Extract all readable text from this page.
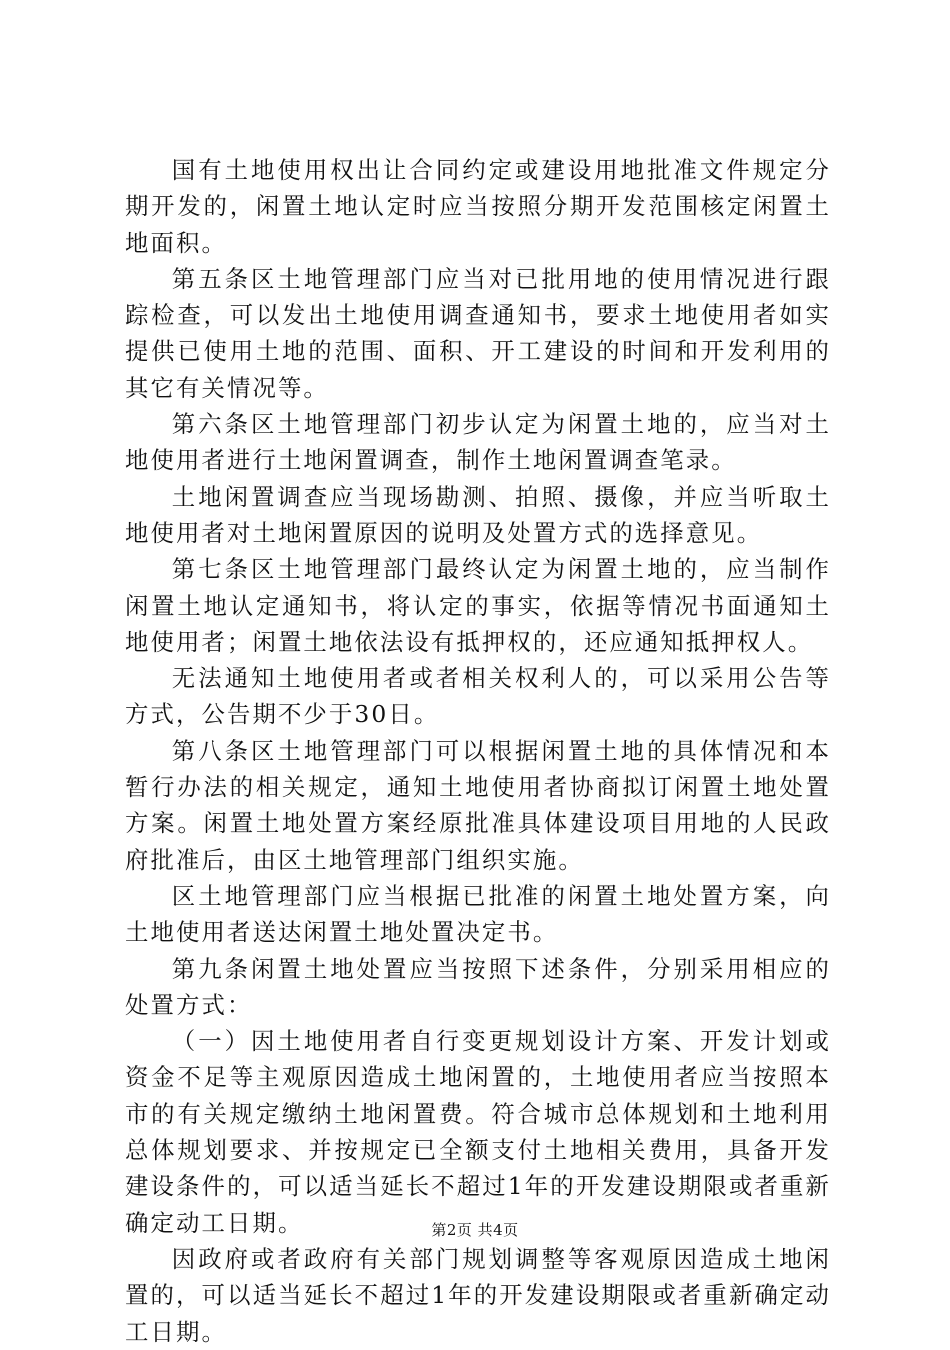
国有土地使用权出让合同约定或建设用地批准文件规定分期开发的，闲置土地认定时应当按照分期开发范围核定闲置土地面积。

第五条区土地管理部门应当对已批用地的使用情况进行跟踪检查，可以发出土地使用调查通知书，要求土地使用者如实提供已使用土地的范围、面积、开工建设的时间和开发利用的其它有关情况等。

第六条区土地管理部门初步认定为闲置土地的，应当对土地使用者进行土地闲置调查，制作土地闲置调查笔录。

土地闲置调查应当现场勘测、拍照、摄像，并应当听取土地使用者对土地闲置原因的说明及处置方式的选择意见。

第七条区土地管理部门最终认定为闲置土地的，应当制作闲置土地认定通知书，将认定的事实，依据等情况书面通知土地使用者；闲置土地依法设有抵押权的，还应通知抵押权人。

无法通知土地使用者或者相关权利人的，可以采用公告等方式，公告期不少于30日。

第八条区土地管理部门可以根据闲置土地的具体情况和本暂行办法的相关规定，通知土地使用者协商拟订闲置土地处置方案。闲置土地处置方案经原批准具体建设项目用地的人民政府批准后，由区土地管理部门组织实施。

区土地管理部门应当根据已批准的闲置土地处置方案，向土地使用者送达闲置土地处置决定书。

第九条闲置土地处置应当按照下述条件，分别采用相应的处置方式：

（一）因土地使用者自行变更规划设计方案、开发计划或资金不足等主观原因造成土地闲置的，土地使用者应当按照本市的有关规定缴纳土地闲置费。符合城市总体规划和土地利用总体规划要求、并按规定已全额支付土地相关费用，具备开发建设条件的，可以适当延长不超过1年的开发建设期限或者重新确定动工日期。

因政府或者政府有关部门规划调整等客观原因造成土地闲置的，可以适当延长不超过1年的开发建设期限或者重新确定动工日期。

第2页 共4页
